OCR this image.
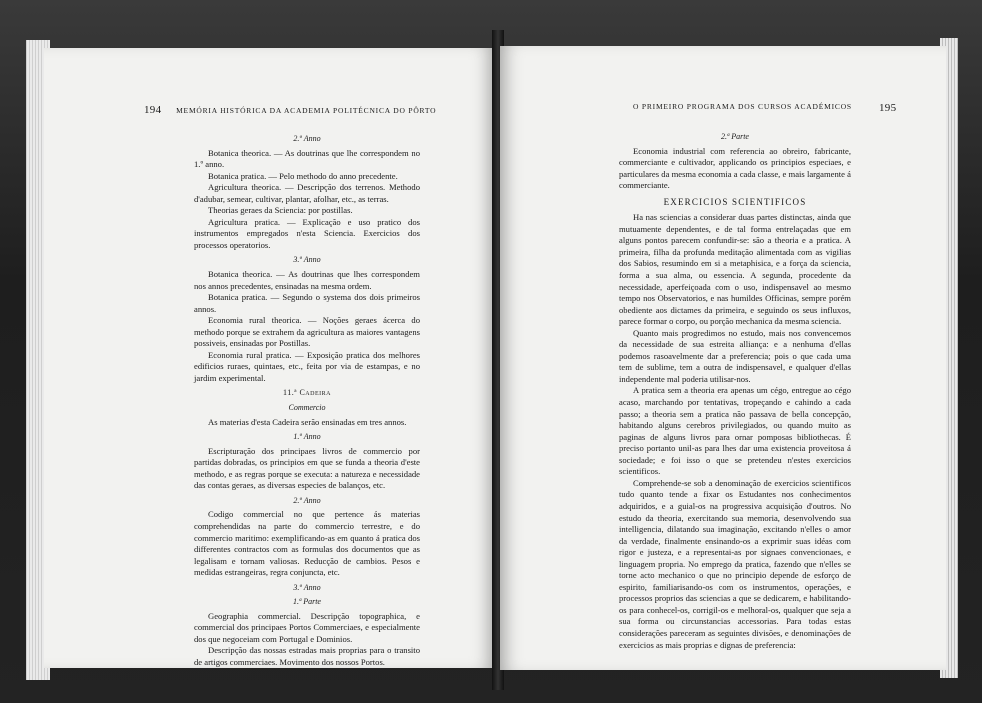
194 MEMÓRIA HISTÓRICA DA ACADEMIA POLITÉCNICA DO PÔRTO

2.º Anno

Botanica theorica. — As doutrinas que lhe correspondem no 1.º anno.

Botanica pratica. — Pelo methodo do anno precedente.

Agricultura theorica. — Descripção dos terrenos. Methodo d'adubar, semear, cultivar, plantar, afolhar, etc., as terras.

Theorias geraes da Sciencia: por postillas.

Agricultura pratica. — Explicação e uso pratico dos instrumentos empregados n'esta Sciencia. Exercicios dos processos operatorios.

3.º Anno

Botanica theorica. — As doutrinas que lhes correspondem nos annos precedentes, ensinadas na mesma ordem.

Botanica pratica. — Segundo o systema dos dois primeiros annos.

Economia rural theorica. — Noções geraes ácerca do methodo porque se extrahem da agricultura as maiores vantagens possiveis, ensinadas por Postillas.

Economia rural pratica. — Exposição pratica dos melhores edificios ruraes, quintaes, etc., feita por via de estampas, e no jardim experimental.

11.ª Cadeira

Commercio

As materias d'esta Cadeira serão ensinadas em tres annos.

1.º Anno

Escripturação dos principaes livros de commercio por partidas dobradas, os principios em que se funda a theoria d'este methodo, e as regras porque se executa: a natureza e necessidade das contas geraes, as diversas especies de balanços, etc.

2.º Anno

Codigo commercial no que pertence ás materias comprehendidas na parte do commercio terrestre, e do commercio maritimo: exemplificando-as em quanto á pratica dos differentes contractos com as formulas dos documentos que as legalisam e tornam valiosas. Reducção de cambios. Pesos e medidas estrangeiras, regra conjuncta, etc.

3.º Anno

1.ª Parte

Geographia commercial. Descripção topographica, e commercial dos principaes Portos Commerciaes, e especialmente dos que negoceiam com Portugal e Dominios.

Descripção das nossas estradas mais proprias para o transito de artigos commerciaes. Movimento dos nossos Portos.

O PRIMEIRO PROGRAMA DOS CURSOS ACADÉMICOS 195

2.ª Parte

Economia industrial com referencia ao obreiro, fabricante, commerciante e cultivador, applicando os principios especiaes, e particulares da mesma economia a cada classe, e mais largamente á commerciante.

EXERCICIOS SCIENTIFICOS

Ha nas sciencias a considerar duas partes distinctas, ainda que mutuamente dependentes, e de tal forma entrelaçadas que em alguns pontos parecem confundir-se: são a theoria e a pratica. A primeira, filha da profunda meditação alimentada com as vigilias dos Sabios, resumindo em si a metaphisica, e a força da sciencia, forma a sua alma, ou essencia. A segunda, procedente da necessidade, aperfeiçoada com o uso, indispensavel ao mesmo tempo nos Observatorios, e nas humildes Officinas, sempre porém obediente aos dictames da primeira, e seguindo os seus influxos, parece formar o corpo, ou porção mechanica da mesma sciencia.

Quanto mais progredimos no estudo, mais nos convencemos da necessidade de sua estreita alliança: e a nenhuma d'ellas podemos rasoavelmente dar a preferencia; pois o que cada uma tem de sublime, tem a outra de indispensavel, e qualquer d'ellas independente mal poderia utilisar-nos.

A pratica sem a theoria era apenas um cégo, entregue ao cégo acaso, marchando por tentativas, tropeçando e cahindo a cada passo; a theoria sem a pratica não passava de bella concepção, habitando alguns cerebros privilegiados, ou quando muito as paginas de alguns livros para ornar pomposas bibliothecas. É preciso portanto unil-as para lhes dar uma existencia proveitosa á sociedade; e foi isso o que se pretendeu n'estes exercicios scientificos.

Comprehende-se sob a denominação de exercicios scientificos tudo quanto tende a fixar os Estudantes nos conhecimentos adquiridos, e a guial-os na progressiva acquisição d'outros. No estudo da theoria, exercitando sua memoria, desenvolvendo sua intelligencia, dilatando sua imaginação, excitando n'elles o amor da verdade, finalmente ensinando-os a exprimir suas idéas com rigor e justeza, e a representai-as por signaes convencionaes, e linguagem propria. No emprego da pratica, fazendo que n'elles se torne acto mechanico o que no principio depende de esforço de espirito, familiarisando-os com os instrumentos, operações, e processos proprios das sciencias a que se dedicarem, e habilitando-os para conhecel-os, corrigil-os e melhoral-os, qualquer que seja a sua forma ou circunstancias accessorias. Para todas estas considerações pareceram as seguintes divisões, e denominações de exercicios as mais proprias e dignas de preferencia:
